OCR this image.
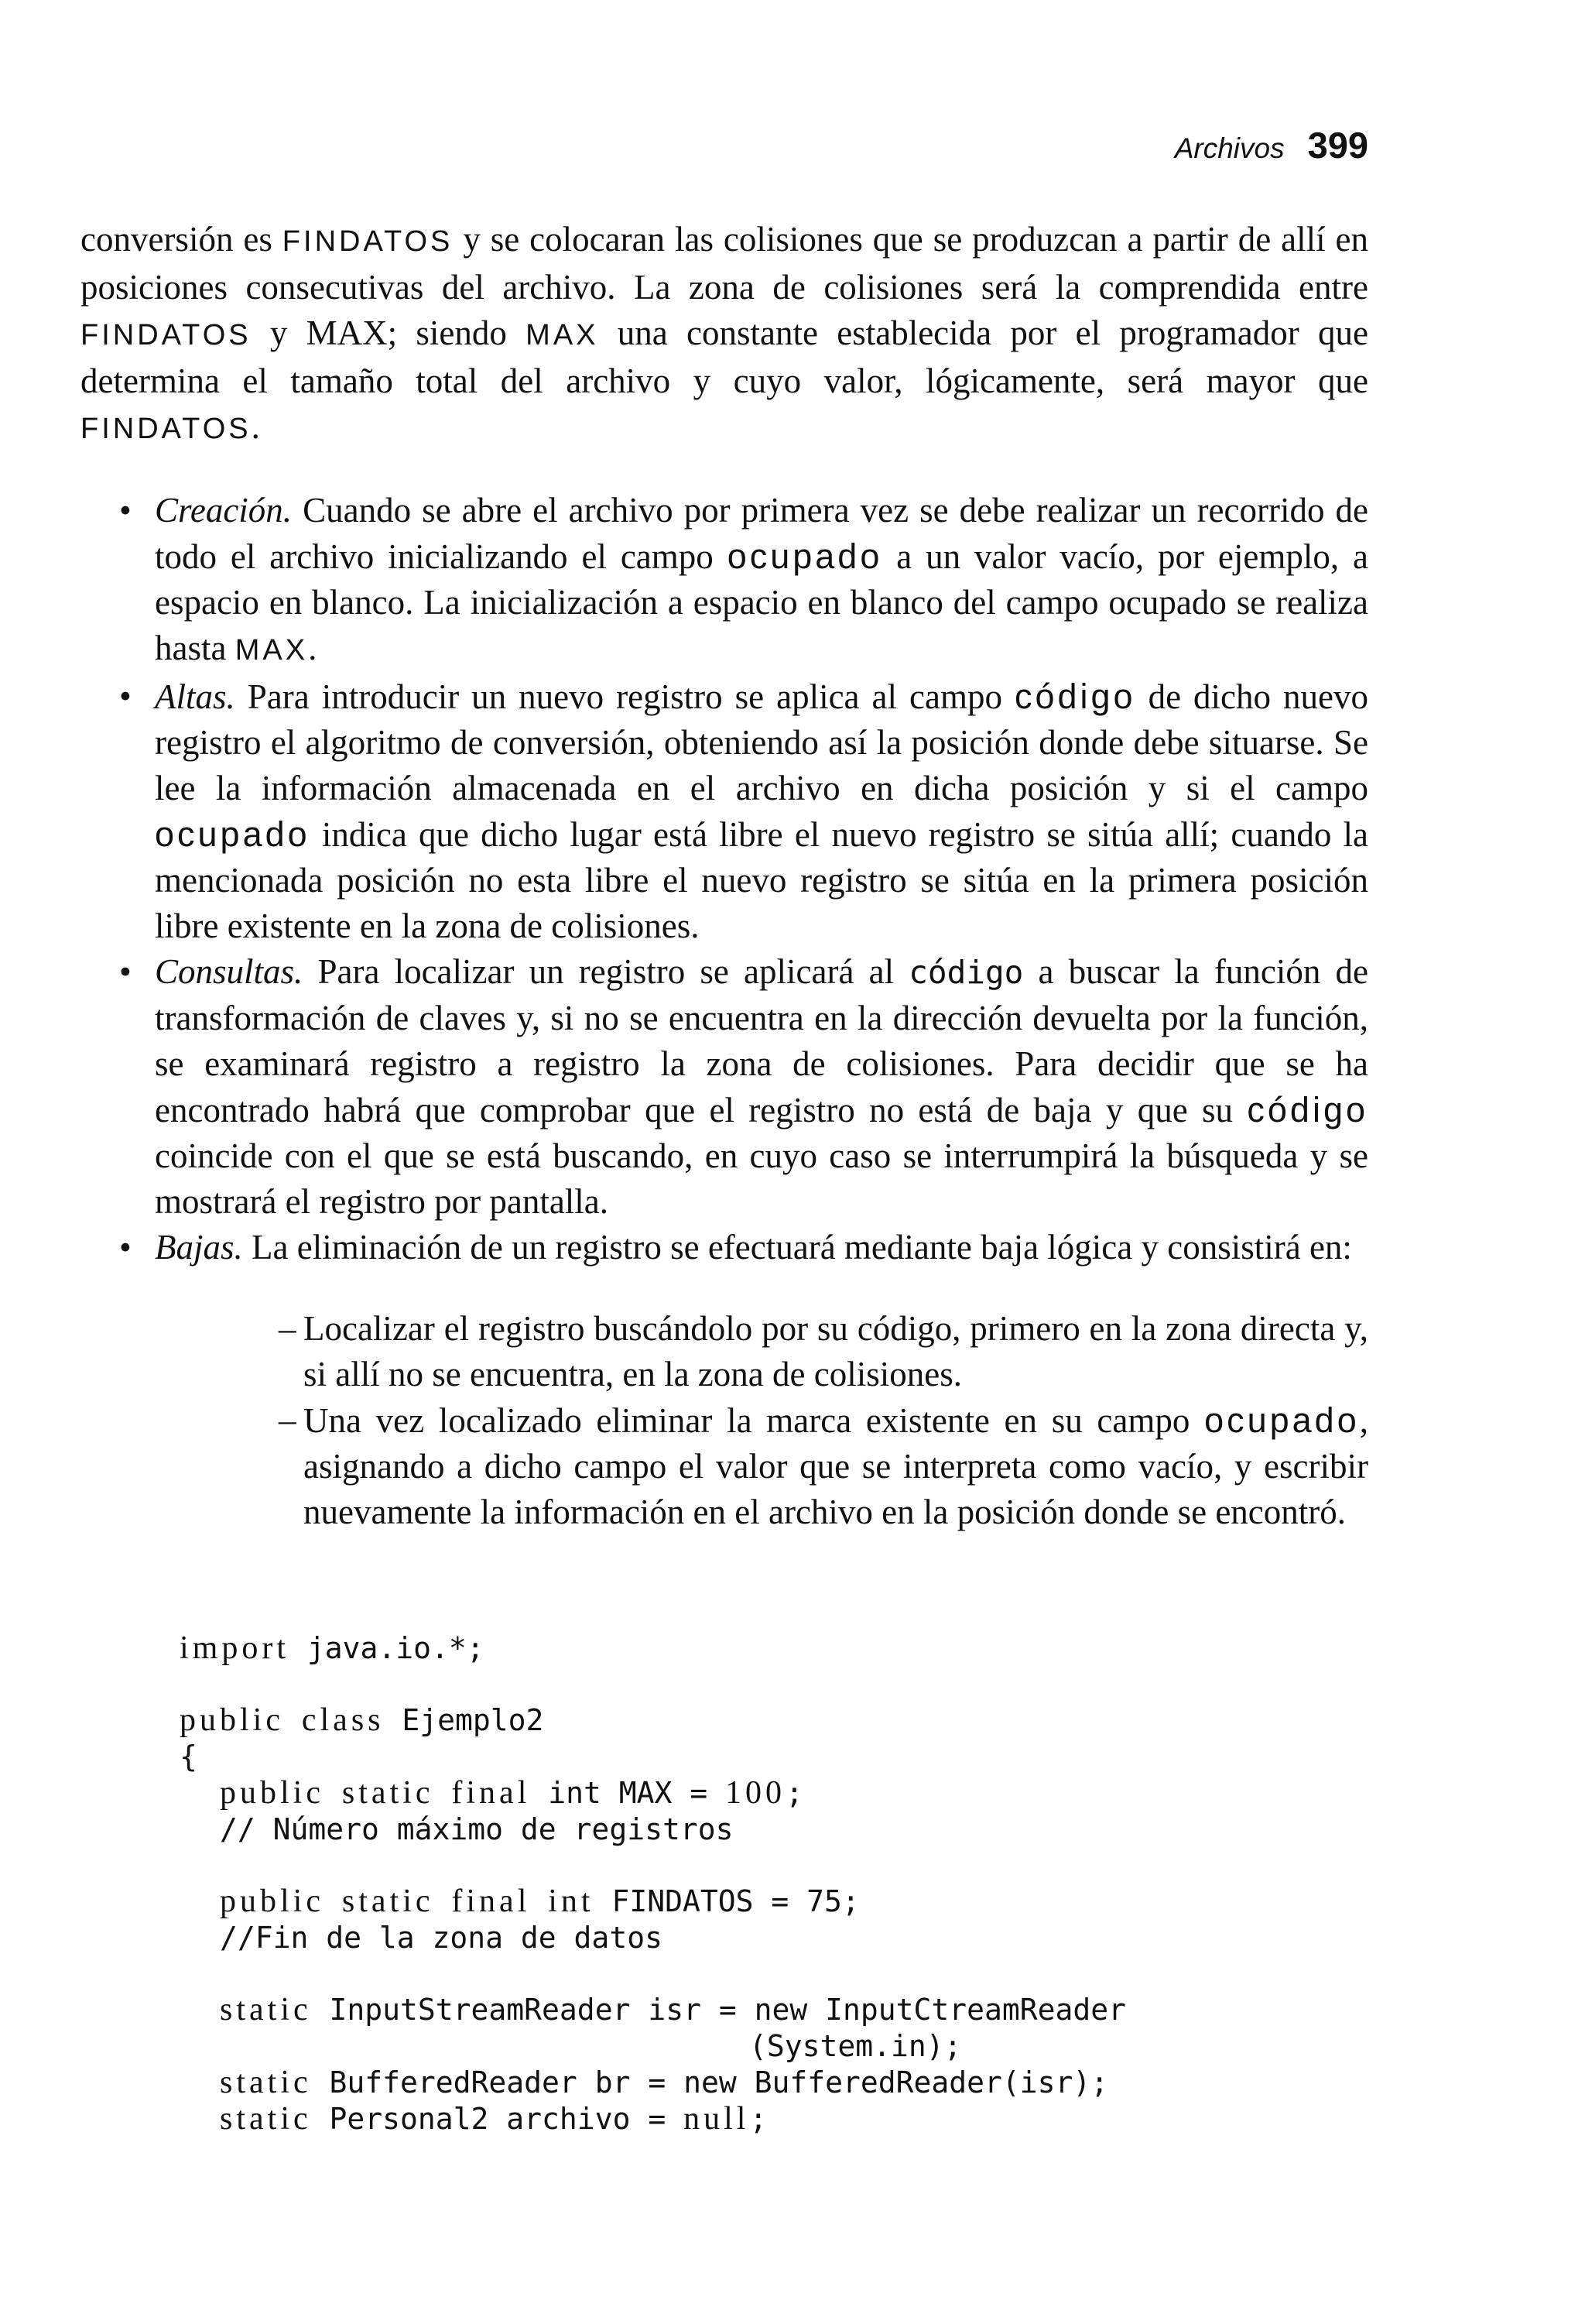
Archivos 399

conversión es FINDATOS y se colocaran las colisiones que se produzcan a partir de allí en posiciones consecutivas del archivo. La zona de colisiones será la comprendida entre FINDATOS y MAX; siendo MAX una constante establecida por el programador que determina el tamaño total del archivo y cuyo valor, lógicamente, será mayor que FINDATOS.

• Creación. Cuando se abre el archivo por primera vez se debe realizar un recorrido de todo el archivo inicializando el campo ocupado a un valor vacío, por ejemplo, a espacio en blanco. La inicialización a espacio en blanco del campo ocupado se realiza hasta MAX.
• Altas. Para introducir un nuevo registro se aplica al campo código de dicho nuevo registro el algoritmo de conversión, obteniendo así la posición donde debe situarse. Se lee la información almacenada en el archivo en dicha posición y si el campo ocupado indica que dicho lugar está libre el nuevo registro se sitúa allí; cuando la mencionada posición no esta libre el nuevo registro se sitúa en la primera posición libre existente en la zona de colisiones.
• Consultas. Para localizar un registro se aplicará al código a buscar la función de transformación de claves y, si no se encuentra en la dirección devuelta por la función, se examinará registro a registro la zona de colisiones. Para decidir que se ha encontrado habrá que comprobar que el registro no está de baja y que su código coincide con el que se está buscando, en cuyo caso se interrumpirá la búsqueda y se mostrará el registro por pantalla.
• Bajas. La eliminación de un registro se efectuará mediante baja lógica y consistirá en:
– Localizar el registro buscándolo por su código, primero en la zona directa y, si allí no se encuentra, en la zona de colisiones.
– Una vez localizado eliminar la marca existente en su campo ocupado, asignando a dicho campo el valor que se interpreta como vacío, y escribir nuevamente la información en el archivo en la posición donde se encontró.
import java.io.*;
public class Ejemplo2
{
public static final int MAX = 100;
// Número máximo de registros
public static final int FINDATOS = 75;
//Fin de la zona de datos
static InputStreamReader isr = new InputCtreamReader
(System.in);
static BufferedReader br = new BufferedReader(isr);
static Personal2 archivo = null;
